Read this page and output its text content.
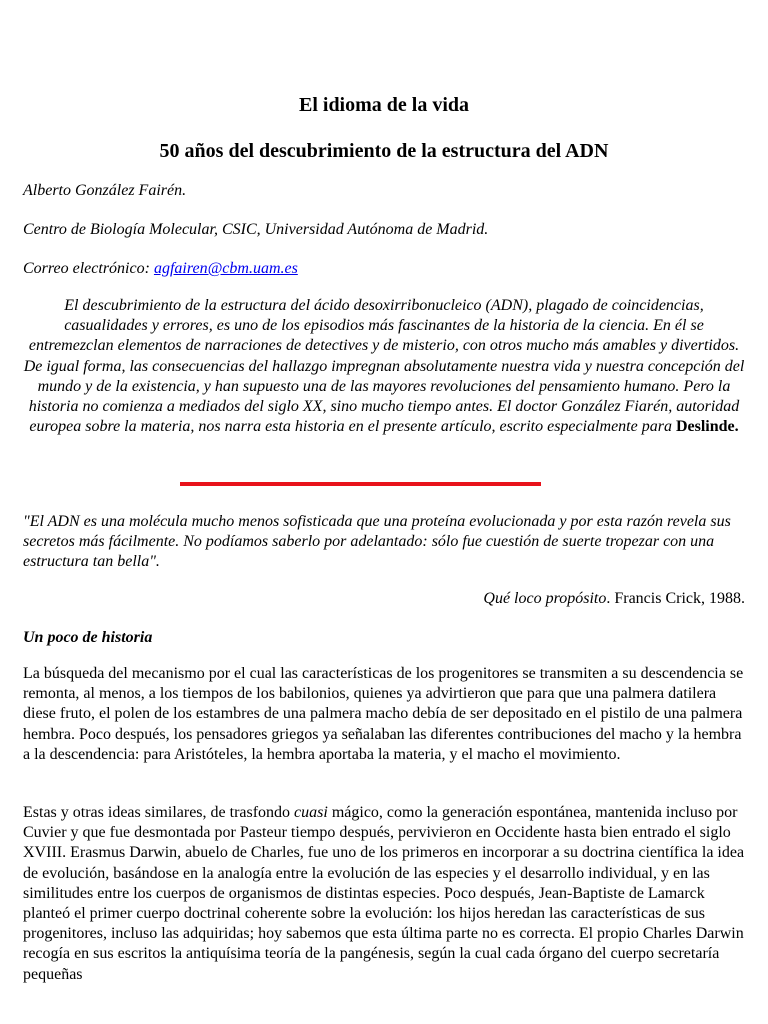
El idioma de la vida
50 años del descubrimiento de la estructura del ADN

Alberto González Fairén.

Centro de Biología Molecular, CSIC, Universidad Autónoma de Madrid.

Correo electrónico: agfairen@cbm.uam.es

El descubrimiento de la estructura del ácido desoxirribonucleico (ADN), plagado de coincidencias, casualidades y errores, es uno de los episodios más fascinantes de la historia de la ciencia. En él se entremezclan elementos de narraciones de detectives y de misterio, con otros mucho más amables y divertidos. De igual forma, las consecuencias del hallazgo impregnan absolutamente nuestra vida y nuestra concepción del mundo y de la existencia, y han supuesto una de las mayores revoluciones del pensamiento humano. Pero la historia no comienza a mediados del siglo XX, sino mucho tiempo antes. El doctor González Fiarén, autoridad europea sobre la materia, nos narra esta historia en el presente artículo, escrito especialmente para Deslinde.

"El ADN es una molécula mucho menos sofisticada que una proteína evolucionada y por esta razón revela sus secretos más fácilmente. No podíamos saberlo por adelantado: sólo fue cuestión de suerte tropezar con una estructura tan bella".

Qué loco propósito. Francis Crick, 1988.

Un poco de historia

La búsqueda del mecanismo por el cual las características de los progenitores se transmiten a su descendencia se remonta, al menos, a los tiempos de los babilonios, quienes ya advirtieron que para que una palmera datilera diese fruto, el polen de los estambres de una palmera macho debía de ser depositado en el pistilo de una palmera hembra. Poco después, los pensadores griegos ya señalaban las diferentes contribuciones del macho y la hembra a la descendencia: para Aristóteles, la hembra aportaba la materia, y el macho el movimiento.

Estas y otras ideas similares, de trasfondo cuasi mágico, como la generación espontánea, mantenida incluso por Cuvier y que fue desmontada por Pasteur tiempo después, pervivieron en Occidente hasta bien entrado el siglo XVIII. Erasmus Darwin, abuelo de Charles, fue uno de los primeros en incorporar a su doctrina científica la idea de evolución, basándose en la analogía entre la evolución de las especies y el desarrollo individual, y en las similitudes entre los cuerpos de organismos de distintas especies. Poco después, Jean-Baptiste de Lamarck planteó el primer cuerpo doctrinal coherente sobre la evolución: los hijos heredan las características de sus progenitores, incluso las adquiridas; hoy sabemos que esta última parte no es correcta. El propio Charles Darwin recogía en sus escritos la antiquísima teoría de la pangénesis, según la cual cada órgano del cuerpo secretaría pequeñas
